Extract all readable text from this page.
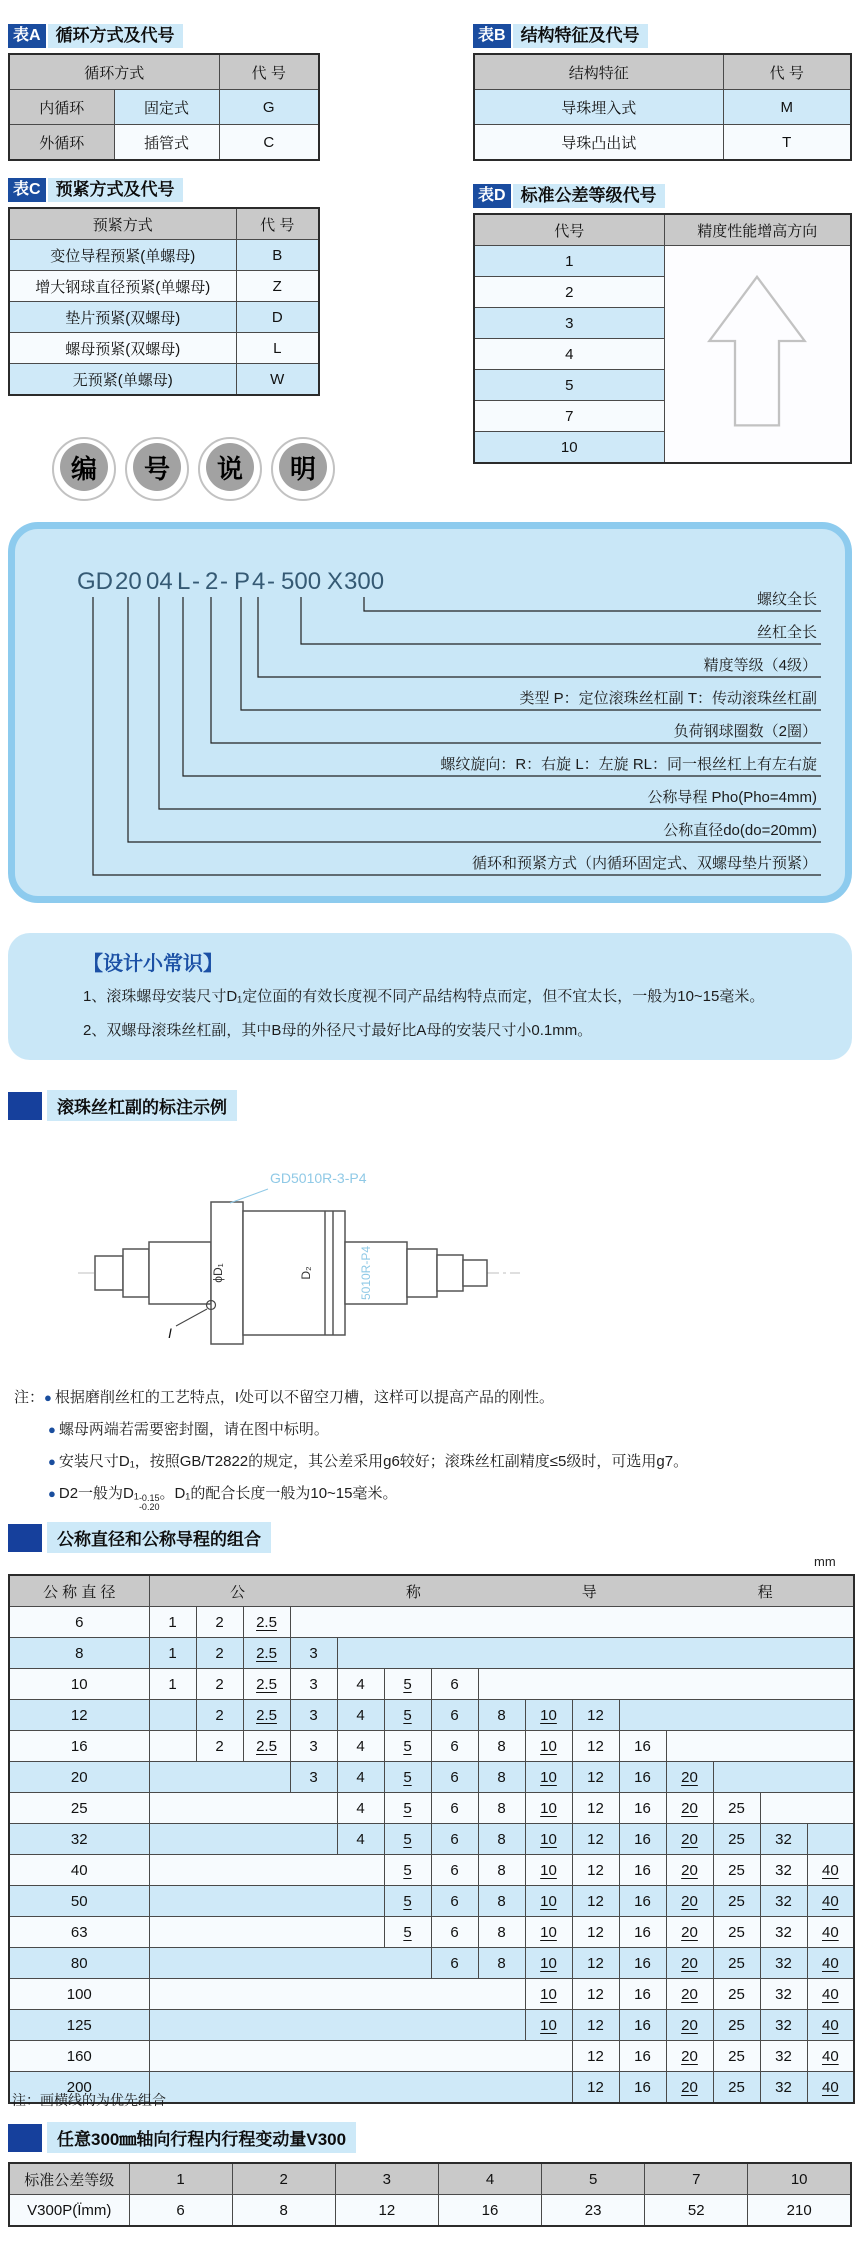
表A 循环方式及代号
循环方式		代 号
内循环	固定式	G
外循环	插管式	C
表B 结构特征及代号
结构特征	代 号
导珠埋入式	M
导珠凸出试	T
表C 预紧方式及代号
预紧方式	代 号
变位导程预紧(单螺母)	B
增大钢球直径预紧(单螺母)	Z
垫片预紧(双螺母)	D
螺母预紧(双螺母)	L
无预紧(单螺母)	W
表D 标准公差等级代号
代号	精度性能增高方向
1	
2	
3	
4	
5	
7	
10	
编	号	说	明
GD 20 04 L - 2 - P 4 - 500 X 300
螺纹全长
丝杠全长
精度等级（4级）
类型 P：定位滚珠丝杠副 T：传动滚珠丝杠副
负荷钢球圈数（2圈）
螺纹旋向：R：右旋 L：左旋 RL：同一根丝杠上有左右旋
公称导程 Pho(Pho=4mm)
公称直径do(do=20mm)
循环和预紧方式（内循环固定式、双螺母垫片预紧）
【设计小常识】
1、滚珠螺母安装尺寸D₁定位面的有效长度视不同产品结构特点而定，但不宜太长，一般为10~15毫米。
2、双螺母滚珠丝杠副，其中B母的外径尺寸最好比A母的安装尺寸小0.1mm。
滚珠丝杠副的标注示例
GD5010R-3-P4
ϕD₁	D₂	5010R-P4
I
注：● 根据磨削丝杠的工艺特点，I处可以不留空刀槽，这样可以提高产品的刚性。
● 螺母两端若需要密封圈，请在图中标明。
● 安装尺寸D₁，按照GB/T2822的规定，其公差采用g6较好；滚珠丝杠副精度≤5级时，可选用g7。
● D2一般为D₁ -0.15
-0.20
。D₁的配合长度一般为10~15毫米。
公称直径和公称导程的组合
mm
公 称 直 径	公 称 导 程														

6	1	2	2.5												
8	1	2	2.5	3											
10	1	2	2.5	3	4	5	6								
12		2	2.5	3	4	5	6	8	10	12					
16		2	2.5	3	4	5	6	8	10	12	16				
20				3	4	5	6	8	10	12	16	20			
25					4	5	6	8	10	12	16	20	25		
32					4	5	6	8	10	12	16	20	25	32	
40						5	6	8	10	12	16	20	25	32	40
50						5	6	8	10	12	16	20	25	32	40
63						5	6	8	10	12	16	20	25	32	40
80							6	8	10	12	16	20	25	32	40
100									10	12	16	20	25	32	40
125									10	12	16	20	25	32	40
160										12	16	20	25	32	40
200										12	16	20	25	32	40
注：画横线的为优先组合
任意300㎜轴向行程内行程变动量V300
标准公差等级	1	2	3	4	5	7	10
V300P(Ïmm)	6	8	12	16	23	52	210
